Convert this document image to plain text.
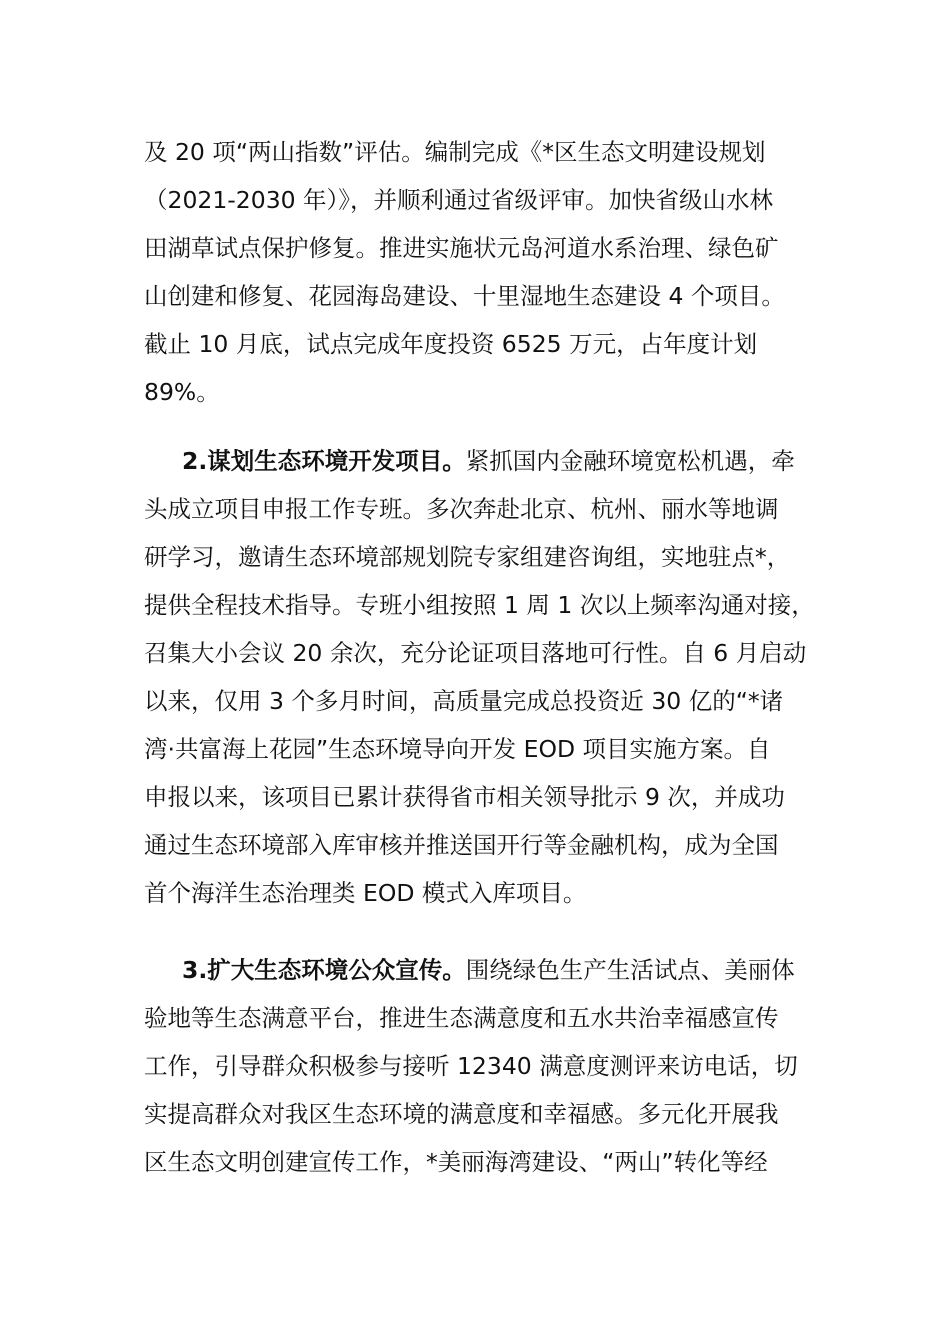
及 20 项“两山指数”评估。编制完成《*区生态文明建设规划
（2021-2030 年）》，并顺利通过省级评审。加快省级山水林
田湖草试点保护修复。推进实施状元岛河道水系治理、绿色矿
山创建和修复、花园海岛建设、十里湿地生态建设 4 个项目。
截止 10 月底，试点完成年度投资 6525 万元，占年度计划
89%。
2.谋划生态环境开发项目。紧抓国内金融环境宽松机遇，牵
头成立项目申报工作专班。多次奔赴北京、杭州、丽水等地调
研学习，邀请生态环境部规划院专家组建咨询组，实地驻点*，
提供全程技术指导。专班小组按照 1 周 1 次以上频率沟通对接，
召集大小会议 20 余次，充分论证项目落地可行性。自 6 月启动
以来，仅用 3 个多月时间，高质量完成总投资近 30 亿的“*诸
湾·共富海上花园”生态环境导向开发 EOD 项目实施方案。自
申报以来，该项目已累计获得省市相关领导批示 9 次，并成功
通过生态环境部入库审核并推送国开行等金融机构，成为全国
首个海洋生态治理类 EOD 模式入库项目。
3.扩大生态环境公众宣传。围绕绿色生产生活试点、美丽体
验地等生态满意平台，推进生态满意度和五水共治幸福感宣传
工作，引导群众积极参与接听 12340 满意度测评来访电话，切
实提高群众对我区生态环境的满意度和幸福感。多元化开展我
区生态文明创建宣传工作，*美丽海湾建设、“两山”转化等经
